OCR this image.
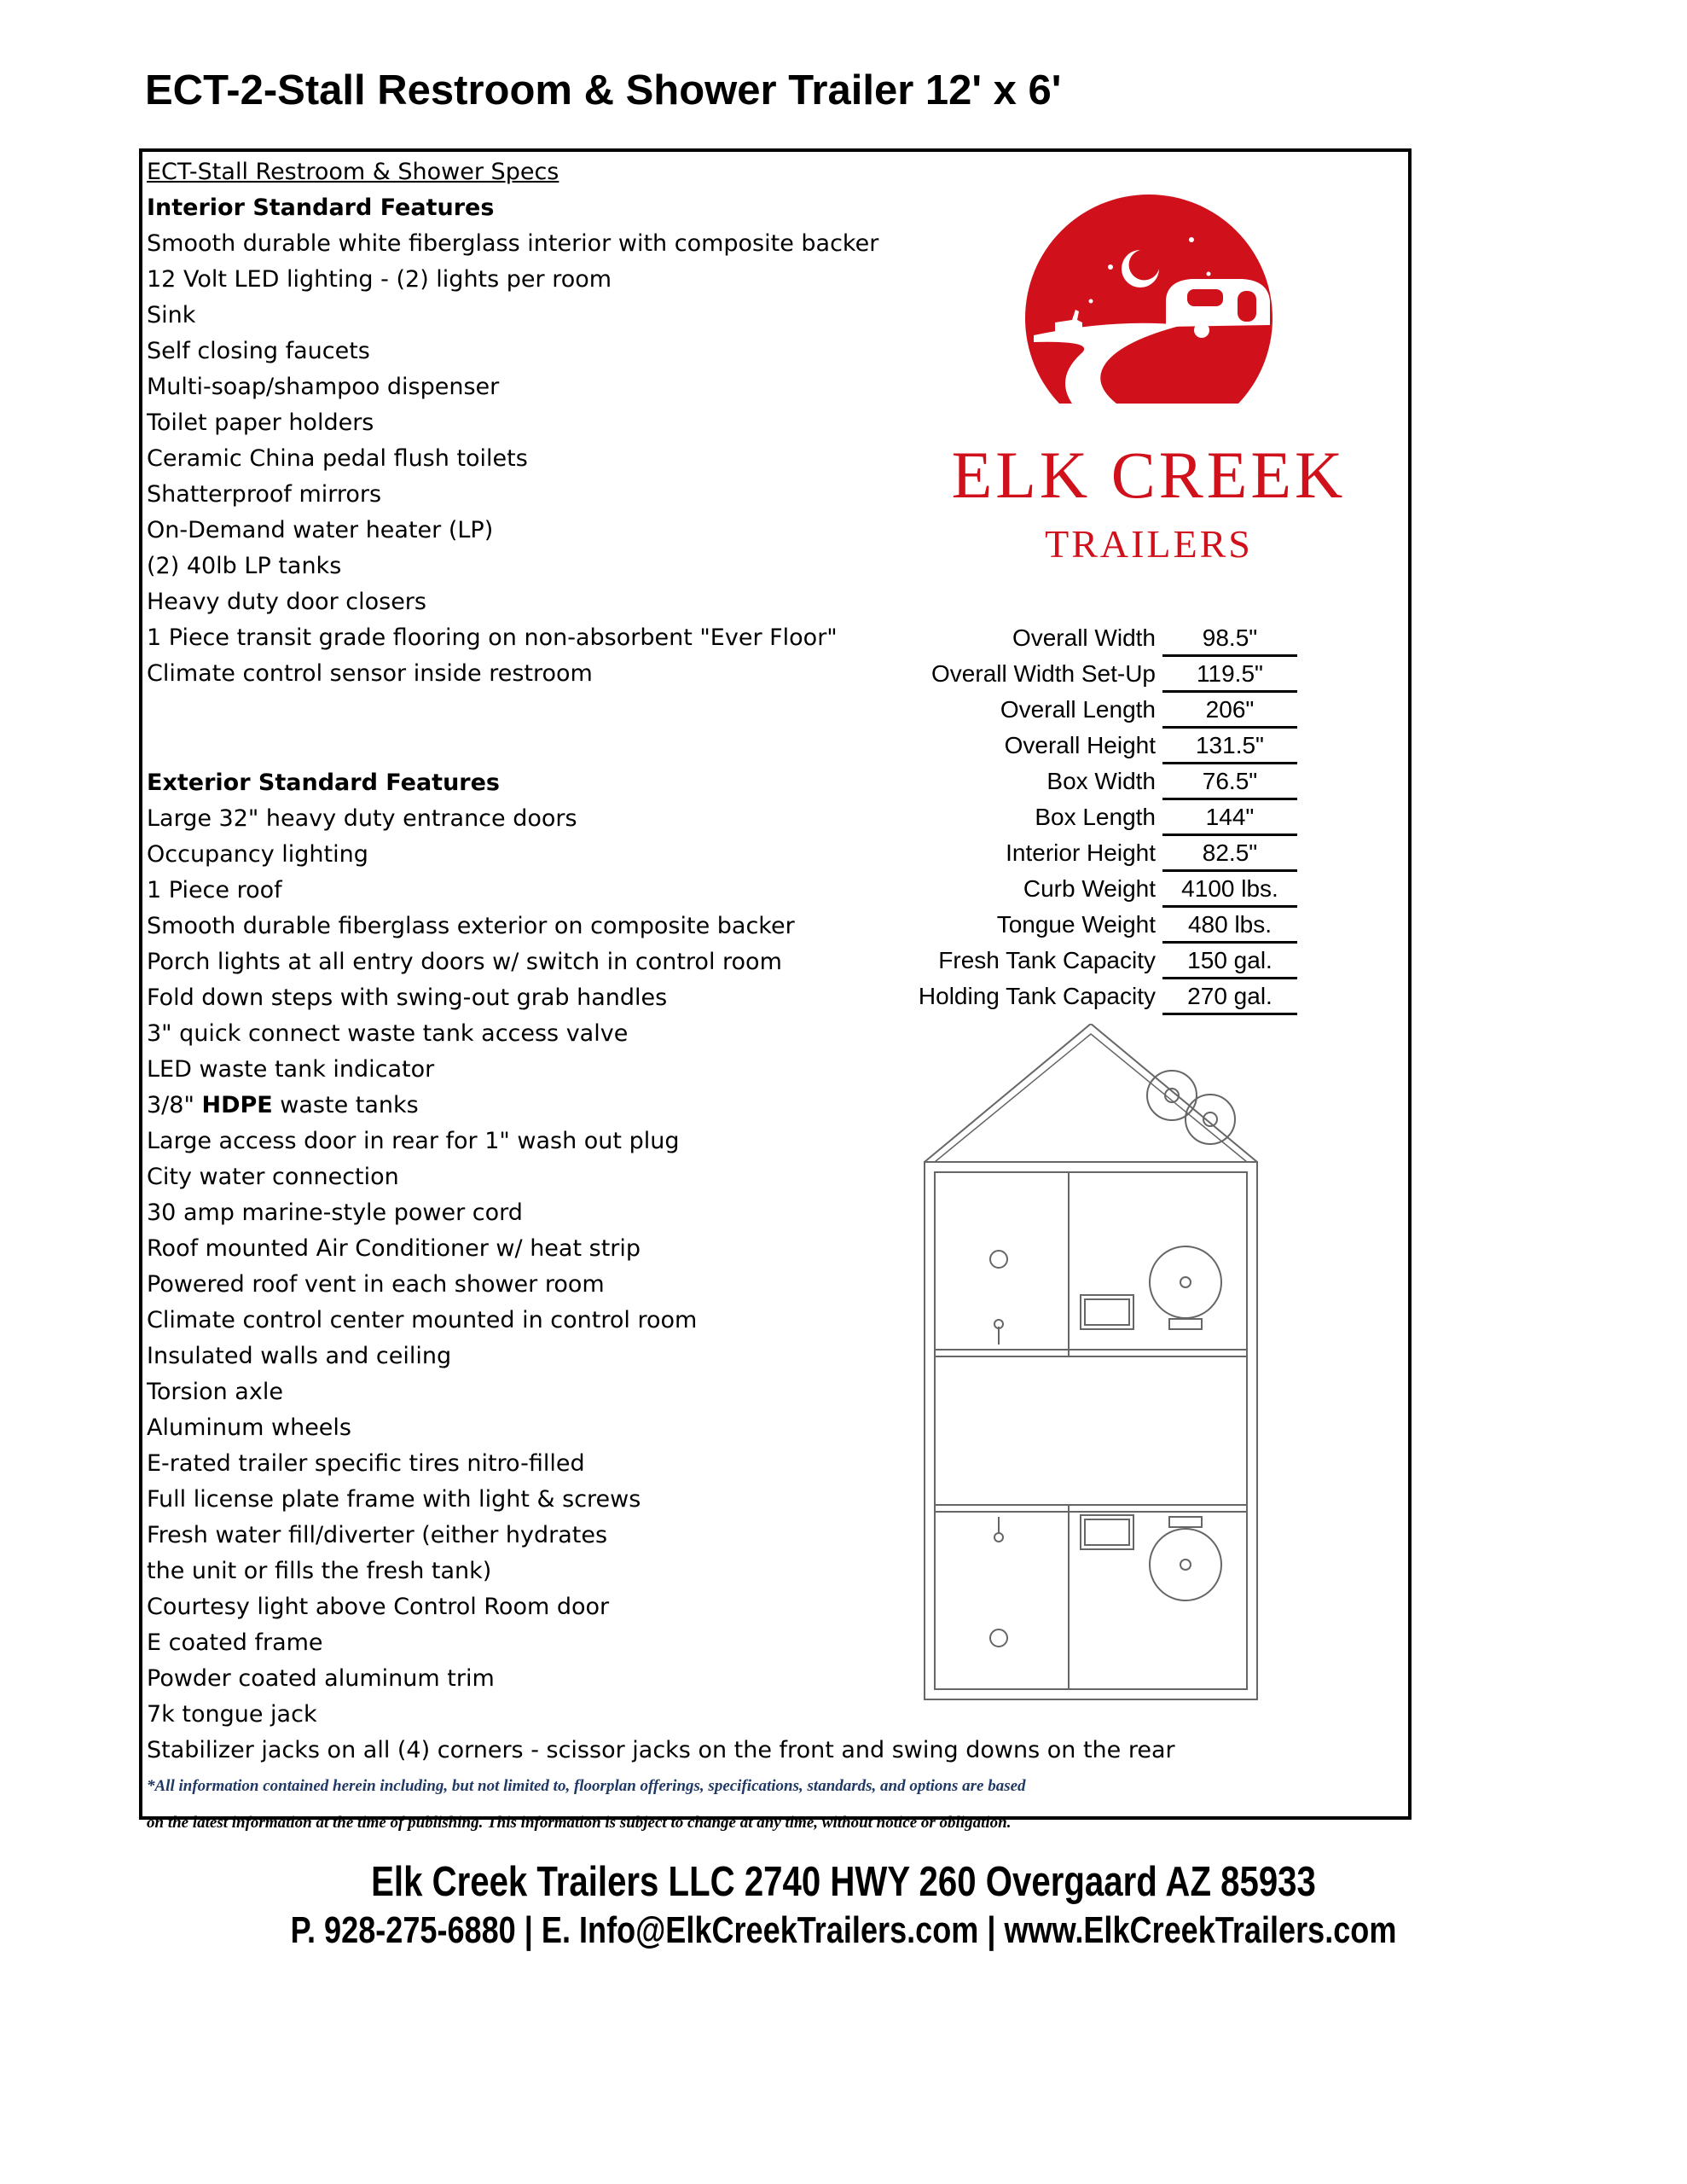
ECT-2-Stall Restroom & Shower Trailer 12' x 6'
ECT-Stall Restroom & Shower Specs
Interior Standard Features
Smooth durable white fiberglass interior with composite backer
12 Volt LED lighting - (2) lights per room
Sink
Self closing faucets
Multi-soap/shampoo dispenser
Toilet paper holders
Ceramic China pedal flush toilets
Shatterproof mirrors
On-Demand water heater (LP)
(2) 40lb LP tanks
Heavy duty door closers
1 Piece transit grade flooring on non-absorbent "Ever Floor"
Climate control sensor inside restroom
Exterior Standard Features
Large 32" heavy duty entrance doors
Occupancy lighting
1 Piece roof
Smooth durable fiberglass exterior on composite backer
Porch lights at all entry doors w/ switch in control room
Fold down steps with swing-out grab handles
3" quick connect waste tank access valve
LED waste tank indicator
3/8" HDPE waste tanks
Large access door in rear for 1" wash out plug
City water connection
30 amp marine-style power cord
Roof mounted Air Conditioner w/ heat strip
Powered roof vent in each shower room
Climate control center mounted in control room
Insulated walls and ceiling
Torsion axle
Aluminum wheels
E-rated trailer specific tires nitro-filled
Full license plate frame with light & screws
Fresh water fill/diverter (either hydrates
the unit or fills the fresh tank)
Courtesy light above Control Room door
E coated frame
Powder coated aluminum trim
7k tongue jack
Stabilizer jacks on all (4) corners - scissor jacks on the front and swing downs on the rear
*All information contained herein including, but not limited to, floorplan offerings, specifications, standards, and options are based
on the latest information at the time of publishing. This information is subject to change at any time, without notice or obligation.
Overall Width	98.5"
Overall Width Set-Up	119.5"
Overall Length	206"
Overall Height	131.5"
Box Width	76.5"
Box Length	144"
Interior Height	82.5"
Curb Weight	4100 lbs.
Tongue Weight	480 lbs.
Fresh Tank Capacity	150 gal.
Holding Tank Capacity	270 gal.
ELK CREEK
TRAILERS
Elk Creek Trailers LLC 2740 HWY 260 Overgaard AZ 85933
P. 928-275-6880 | E. Info@ElkCreekTrailers.com | www.ElkCreekTrailers.com
